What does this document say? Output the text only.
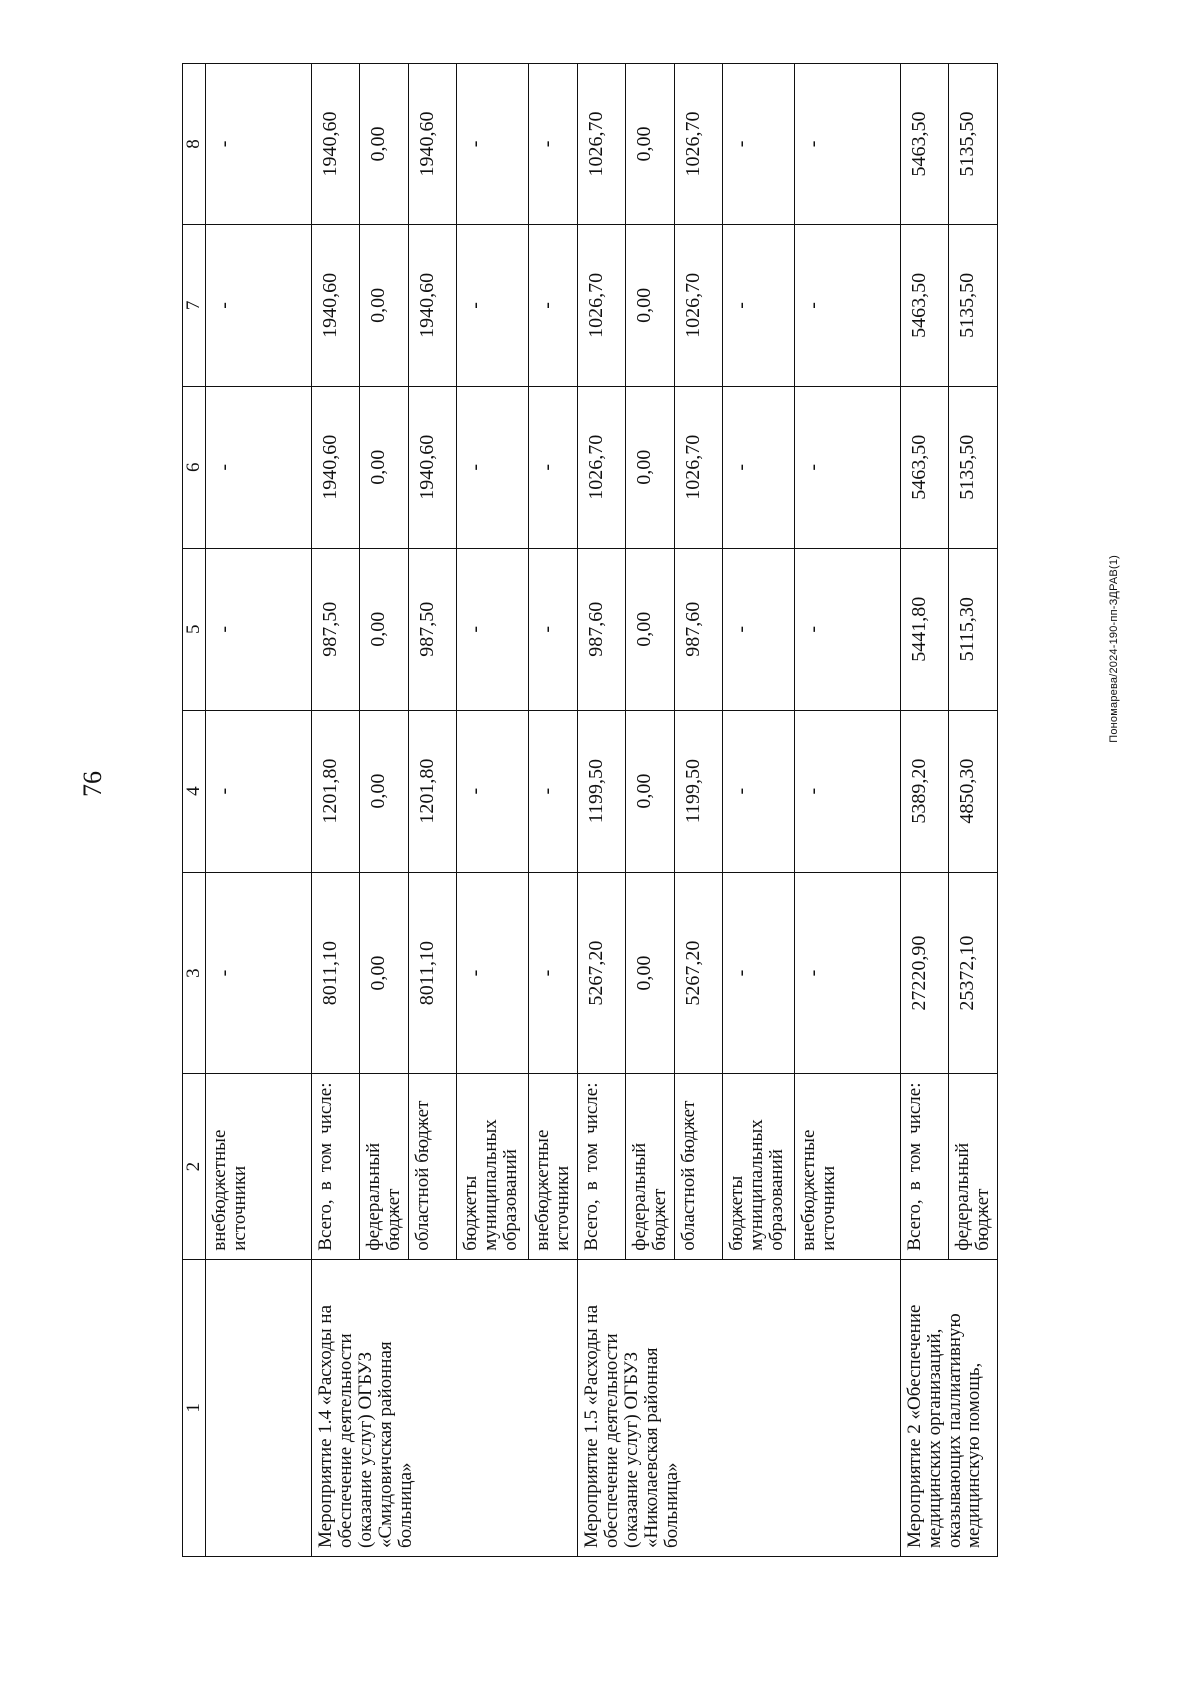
76
1	2	3	4	5	6	7	8
	внебюджетные источники	-	-	-	-	-	-
Мероприятие 1.4 «Расходы на обеспечение деятельности (оказание услуг) ОГБУЗ «Смидовичская районная больница»	Всего, в том числе:	8011,10	1201,80	987,50	1940,60	1940,60	1940,60
	федеральный бюджет	0,00	0,00	0,00	0,00	0,00	0,00
	областной бюджет	8011,10	1201,80	987,50	1940,60	1940,60	1940,60
	бюджеты муниципальных образований	-	-	-	-	-	-
	внебюджетные источники	-	-	-	-	-	-
Мероприятие 1.5 «Расходы на обеспечение деятельности (оказание услуг) ОГБУЗ «Николаевская районная больница»	Всего, в том числе:	5267,20	1199,50	987,60	1026,70	1026,70	1026,70
	федеральный бюджет	0,00	0,00	0,00	0,00	0,00	0,00
	областной бюджет	5267,20	1199,50	987,60	1026,70	1026,70	1026,70
	бюджеты муниципальных образований	-	-	-	-	-	-
	внебюджетные источники	-	-	-	-	-	-
Мероприятие 2 «Обеспечение медицинских организаций, оказывающих паллиативную медицинскую помощь,	Всего, в том числе:	27220,90	5389,20	5441,80	5463,50	5463,50	5463,50
	федеральный бюджет	25372,10	4850,30	5115,30	5135,50	5135,50	5135,50
Пономарева/2024-190-пп-ЗДРАВ(1)
